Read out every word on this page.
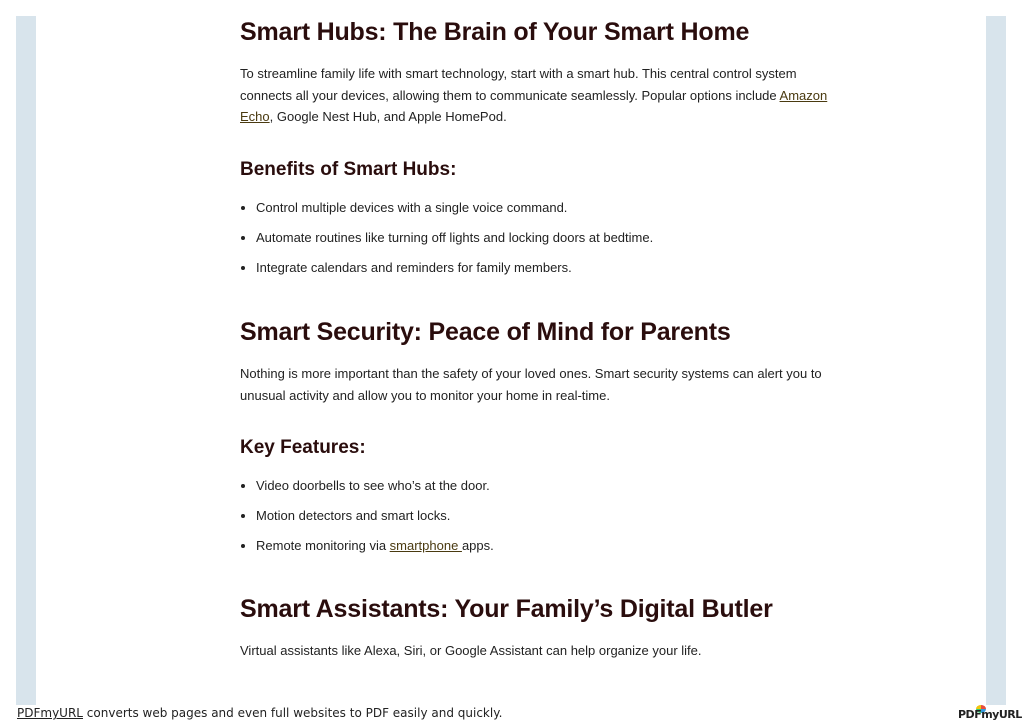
Smart Hubs: The Brain of Your Smart Home

To streamline family life with smart technology, start with a smart hub. This central control system connects all your devices, allowing them to communicate seamlessly. Popular options include Amazon Echo, Google Nest Hub, and Apple HomePod.

Benefits of Smart Hubs:
• Control multiple devices with a single voice command.
• Automate routines like turning off lights and locking doors at bedtime.
• Integrate calendars and reminders for family members.
Smart Security: Peace of Mind for Parents

Nothing is more important than the safety of your loved ones. Smart security systems can alert you to unusual activity and allow you to monitor your home in real-time.

Key Features:
• Video doorbells to see who’s at the door.
• Motion detectors and smart locks.
• Remote monitoring via smartphone apps.
Smart Assistants: Your Family’s Digital Butler

Virtual assistants like Alexa, Siri, or Google Assistant can help organize your life.

PDFmyURL converts web pages and even full websites to PDF easily and quickly.	PDFmyURL
